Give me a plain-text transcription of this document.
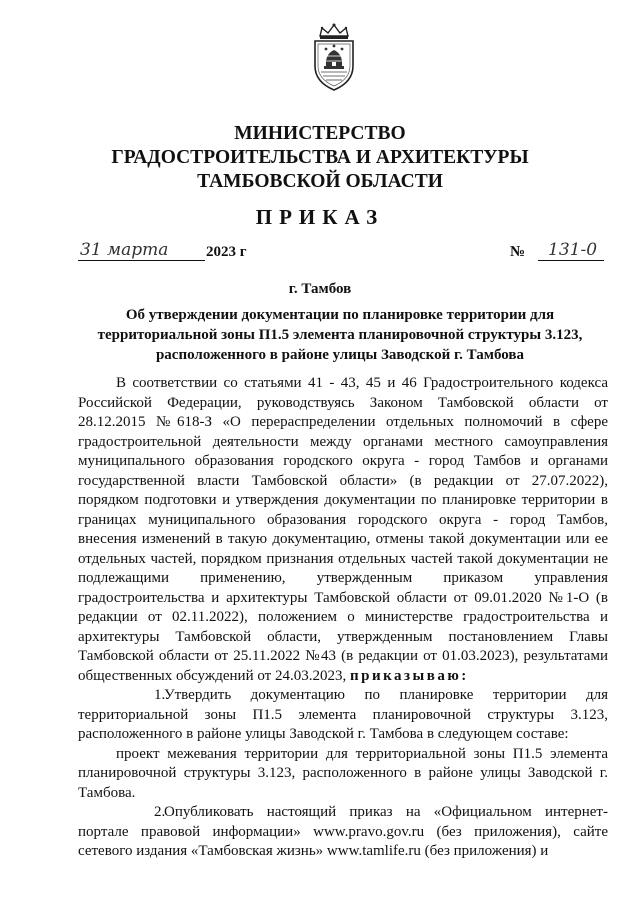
МИНИСТЕРСТВО
ГРАДОСТРОИТЕЛЬСТВА И АРХИТЕКТУРЫ
ТАМБОВСКОЙ ОБЛАСТИ
ПРИКАЗ
31 марта	2023 г	№	131-0
г. Тамбов
Об утверждении документации по планировке территории для
территориальной зоны П1.5 элемента планировочной структуры 3.123,
расположенного в районе улицы Заводской г. Тамбова

В соответствии со статьями 41 - 43, 45 и 46 Градостроительного кодекса Российской Федерации, руководствуясь Законом Тамбовской области от 28.12.2015 №618-З «О перераспределении отдельных полномочий в сфере градостроительной деятельности между органами местного самоуправления муниципального образования городского округа - город Тамбов и органами государственной власти Тамбовской области» (в редакции от 27.07.2022), порядком подготовки и утверждения документации по планировке территории в границах муниципального образования городского округа - город Тамбов, внесения изменений в такую документацию, отмены такой документации или ее отдельных частей, порядком признания отдельных частей такой документации не подлежащими применению, утвержденным приказом управления градостроительства и архитектуры Тамбовской области от 09.01.2020 №1-О (в редакции от 02.11.2022), положением о министерстве градостроительства и архитектуры Тамбовской области, утвержденным постановлением Главы Тамбовской области от 25.11.2022 №43 (в редакции от 01.03.2023), результатами общественных обсуждений от 24.03.2023, приказываю:

1.Утвердить документацию по планировке территории для территориальной зоны П1.5 элемента планировочной структуры 3.123, расположенного в районе улицы Заводской г. Тамбова в следующем составе:

проект межевания территории для территориальной зоны П1.5 элемента планировочной структуры 3.123, расположенного в районе улицы Заводской г. Тамбова.

2.Опубликовать настоящий приказ на «Официальном интернет-портале правовой информации» www.pravo.gov.ru (без приложения), сайте сетевого издания «Тамбовская жизнь» www.tamlife.ru (без приложения) и
